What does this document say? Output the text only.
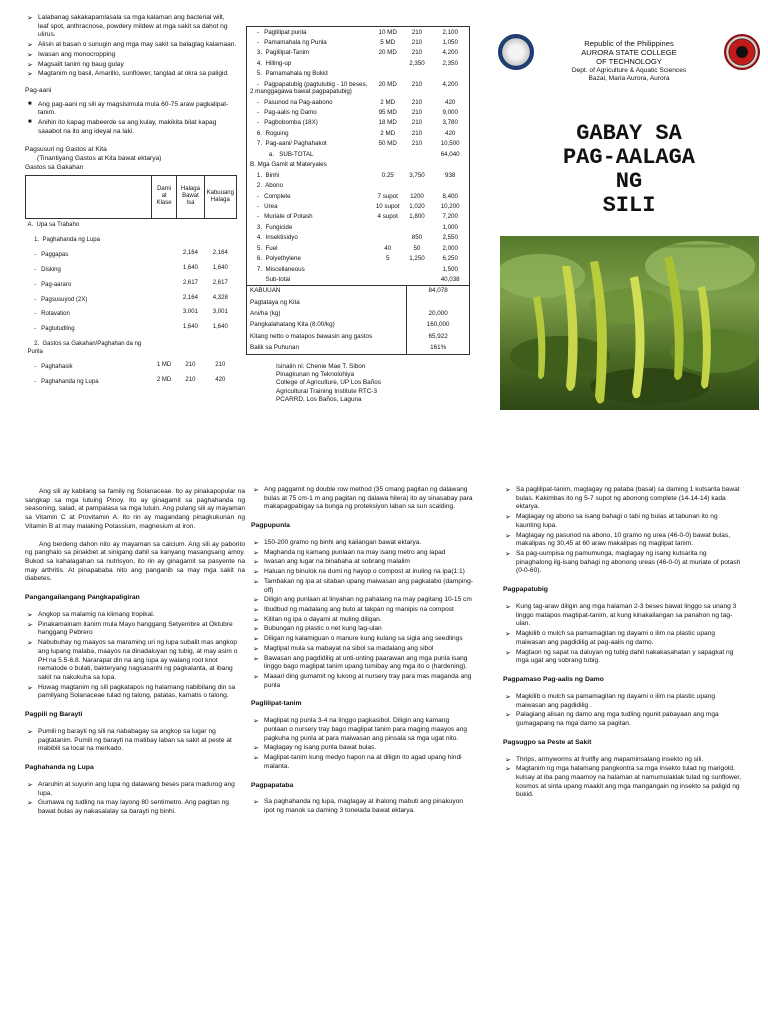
➢ Lalabanag sakakapamlasala sa mga kalaman ang bacterial wilt, leaf spot, anthracnose, powdery mildew at mga sakit sa dahot ng ulirus.
➢ Alisin at basan o sunugin ang mga may sakit sa balaglag kalamaan.
➢ Iwasan ang monocropping
➢ Magsailt tanim ng baug gulay
➢ Magtanim ng basil, Amarillo, sunflower, tanglad at okra sa paligid.
Pag-aani
■ Ang pag-aani ng sili ay magsisimula mula 60-75 araw pagkalipat-tanim.
■ Anihin ito kapag mabeerde sa ang kulay, makikita bilat kapag saaabot na ito ang ideyal na laki.
Pagsusuri ng Gastos at Kita
(Tinantiyang Gastos at Kita bawat ektarya)
Gastos sa Gakahan
	Dami at Klase	Halaga Bawat Isa	Kabuuang Halaga
A.  Upa sa Trabaho			
1.  Paghahanda ng Lupa			
-   Paggapas		2,164	2,164
-   Disking		1,640	1,640
-   Pag-aararo		2,617	2,617
-   Pagsusuyod (2X)		2,164	4,328
-   Rotavation		3,001	3,001
-   Pagtutudling		1,640	1,640
2.  Gastos sa Gakahan/Paghahan da ng Punla			
-   Paghahasik	1 MD	210	210
-   Paghahanda ng Lupa	2 MD	210	420
-   Pagtilipat punla	10 MD	210	2,100
-   Pamamahala ng Punla	5 MD	210	1,050
3.  Paglilipat-Tanim	20 MD	210	4,200
4.  Hilling-up		2,350	2,350
5.  Pamamahala ng Bukid			
-   Pagpapatubig (pagtutubig - 10 beses, 2 manggagawa bawat pagpapatubig)	20 MD	210	4,200
-   Pasunod na Pag-aabono	2 MD	210	420
-   Pag-aalis ng Damo	95 MD	210	9,000
-   Pagbobomba (18X)	18 MD	210	3,780
6.  Roguing	2 MD	210	420
7.  Pag-aani/ Paghahakot	50 MD	210	10,500
a.   SUB-TOTAL			64,040
B. Mga Gamit at Materyales			
1.  Binhi	0.25	3,750	938
2.  Abono			
-   Complete	7 supot	1200	8,400
-   Urea	10 supot	1,020	10,200
-   Muriate of Potash	4 supot	1,800	7,200
3.  Fungicide			1,000
4.  Insektisidyo		850	2,550
5.  Fuel	40	50	2,000
6.  Polyethylene	5	1,250	6,250
7.  Miscellaneous			1,500
Sub-total			40,038
KABUUAN	84,078
Pagtataya ng Kita	
Ani/ha (kg)	20,000
Pangkalahatang Kita (8.00/kg)	160,000
Kitang netto o matapos bawasin ang gastos	65,922
Balik sa Puhunan	161%
Isinalin ni: Chenie Mae T. Sibon
Pinagkunan ng Teknolohiya
College of Agriculture, UP Los Baños
Agricultural Training Institute RTC-3
PCARRD, Los Baños, Laguna
Republic of the Philippines
AURORA STATE COLLEGE
OF TECHNOLOGY
Dept. of Agriculture & Aquatic Sciences
Bazal, Maria Aurora, Aurora
GABAY SA
PAG-AALAGA
NG
SILI

Ang sili ay kabilang sa family ng Solanaceae. Ito ay pinakapopular na sangkap sa mga lutuing Pinoy. Ito ay ginagamit sa paghahanda ng seasoning, salad, at pampalasa sa mga lutuin. Ang pulang sili ay mayaman sa Vitamin C at Provitamin A. Ito rin ay magandang pinagkukunan ng Vitamin B at may malaking Potassium, magnesium at iron.

Ang berdeng dahon nito ay mayaman sa calcium. Ang sili ay paborito ng panghalo sa pinakbet at sinigang dahil sa kanyang masangsang amoy. Bukod sa kahalagahan sa nutrisyon, ito rin ay ginagamit sa pasyente na may arthritis. At pinapababa nito ang panganib sa may mga sakit na diabetes.

Pangangailangang Pangkapaligiran
➢ Angkop sa malamig na klimang tropikal.
➢ Pinakamainam itanim mula Mayo hanggang Setyembre at Oktubre hanggang Pebrero
➢ Nabubuhay ng maayos sa maraming uri ng lupa subalit mas angkop ang lupang malaba, maayos na dinadaluyan ng tubig, at may asim o PH na 5.5-6.8. Nararapat din na ang lupa ay walang root knot nematode o bulati, bakteryang nagsasanhi ng pagkalanta, at ibang sakit na nakukuha sa lupa.
➢ Huwag magtanim ng sili pagkatapos ng halamang nabibilang din sa pamilyang Solanaceae tulad ng talong, patatas, kamatis o talong.
Pagpili ng Barayti
➢ Pumili ng barayti ng sili na nababagay sa angkop sa lugar ng pagtatanim. Pumili ng barayti na matibay laban sa sakit at peste at mabibili sa local na merkado.
Paghahanda ng Lupa
➢ Araruhin at suyurin ang lupa ng dalawang beses para madurog ang lupa.
➢ Gumawa ng tudling na may layong 80 sentimetro. Ang pagitan ng bawat bulas ay nakasalalay sa barayti ng binhi.
➢ Ang paggamit ng double row method (35 cmang pagitan ng dalawang bulas at 75 cm-1 m ang pagitan ng dalawa hilera) ito ay sinasabay para makapagpabigay sa bunga ng proteksiyon laban sa sun scalding.
Pagpupunla
➢ 150-200 gramo ng binhi ang kailangan bawat ektarya.
➢ Maghanda ng kamang punlaan na may isang metro ang lapad
➢ Iwasan ang lugar na binabaha at sobrang malalim
➢ Haluan ng binulok na dumi ng hayop o compost at inuling na ipa(1:1)
➢ Tambakan ng ipa at sitaban upang maiwasan ang pagkalabo (damping-off)
➢ Diligin ang punlaan at linyahan ng pahalang na may pagitang 10-15 cm
➢ Ibudbud ng madalang ang buto at takpan ng manipis na compost
➢ Kilitan ng ipa o dayami at muling diligan.
➢ Bubungan ng plastic o net kung lag-ulan
➢ Diligan ng kalamiguan o manure kung kulang sa sigla ang seedlings
➢ Magtipal mula sa mabayat na sibol sa madalang ang sibol
➢ Bawasan ang pagdidilig at unti-unting paarawan ang mga punla isang linggo bago maglipat tanim upang tumibay ang mga ito o (hardening).
➢ Maaari ding gumamit ng lukong at nursery tray para mas maganda ang punla
Paglilipat-tanim
➢ Maglipat ng punla 3-4 na linggo pagkasibol. Diligin ang kamang punlaan o nursery tray bago maglipat tanim para maging maayos ang pagkuha ng punla at para maiwasan ang pinsala sa mga ugat nito.
➢ Maglagay ng isang punla bawat bulas.
➢ Maglipat-tanim kung medyo hapon na at diligin ito agad upang hindi malanta.
Pagpapataba
➢ Sa paghahanda ng lupa, maglagay at ihalong mabuti ang pinakuyon ipot ng manok sa daming 3 tonelada bawat ektarya.
➢ Sa paglilipat-tanim, maglagay ng pataba (basal) sa daming 1 kutsarita bawat bulas. Kakimbas ito ng 5-7 supot ng abonong complete (14-14-14) kada ektarya.
➢ Maglagay ng abono sa isang bahagi o tabi ng bulas at tabunan ito ng kaunting lupa.
➢ Maglagay ng pasunod na abono, 10 gramo ng urea (46-0-0) bawat bulas, makalipas ng 30,45 at 60 araw makalipas ng maglipat tanim.
➢ Sa pag-uumpisa ng pamumunga, maglagay ng isang kutsarita ng pinaghalong ilg-isang bahagi ng abonong ureas (46-0-0) at muriate of potash (0-0-60).
Pagpapatubig
➢ Kung tag-araw diligin ang mga halaman 2-3 beses bawat linggo sa unang 3 linggo matapos magtipat-tanim, at kung kinakailangan sa panahon ng tag-ulan.
➢ Magkilib o mulch sa pamamagitan ng dayami o ilim na plastic upang maiwasan ang pagdidilig at pag-aalis ng damo.
➢ Magtaon ng sapat na daluyan ng tubig dahil nakakasahatan y sapagkat ng mga ugat ang sobrang tubig.
Pagpamaso Pag-aalis ng Damo
➢ Magkilib o mulch sa pamamagitan ng dayami o ilim na plastic upang maiwasan ang pagdidilig .
➢ Palagiang alisan ng damo ang mga tudling ngunit pabayaan ang mga gumagapang na mga damo sa pagitan.
Pagsugpo sa Peste at Sakit
➢ Thrips, armyworms at fruitfly ang mapaminsalang insekto ng sili.
➢ Magtanim ng mga halamang pangkontra sa mga insekto tulad ng marigold, kulsay at iba pang maamoy na halaman at namumulaklak tulad ng sunflower, kosmos at sinta upang maakit ang mga mangangain ng insekto sa paligid ng bukid.
